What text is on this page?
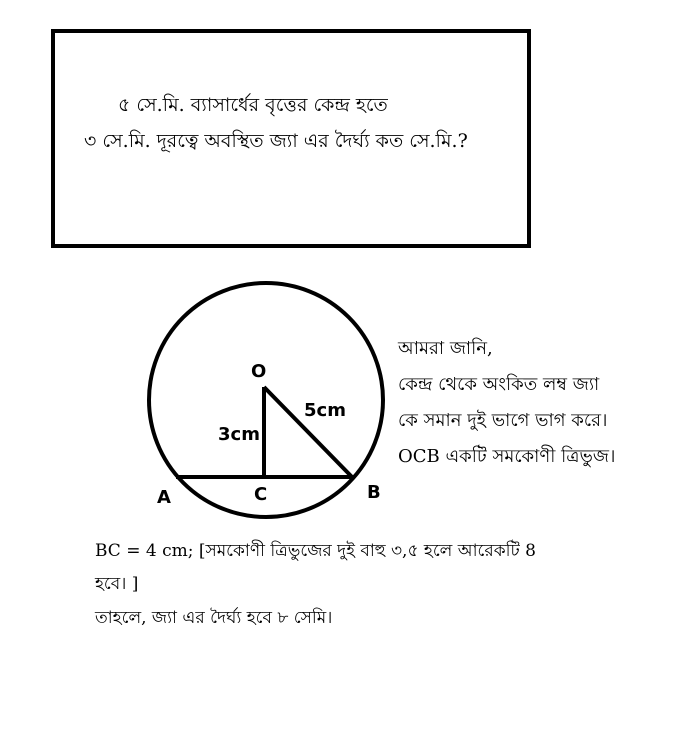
৫ সে.মি. ব্যাসার্ধের বৃত্তের কেন্দ্র হতে
৩ সে.মি. দূরত্বে অবস্থিত জ্যা এর দৈর্ঘ্য কত সে.মি.?
O
A	C	B
3cm
5cm
আমরা জানি,
কেন্দ্র থেকে অংকিত লম্ব জ্যা
কে সমান দুই ভাগে ভাগ করে।
OCB একটি সমকোণী ত্রিভুজ।
BC = 4 cm; [সমকোণী ত্রিভুজের দুই বাহু ৩,৫ হলে আরেকটি 8
হবে। ]
তাহলে, জ্যা এর দৈর্ঘ্য হবে ৮ সেমি।
